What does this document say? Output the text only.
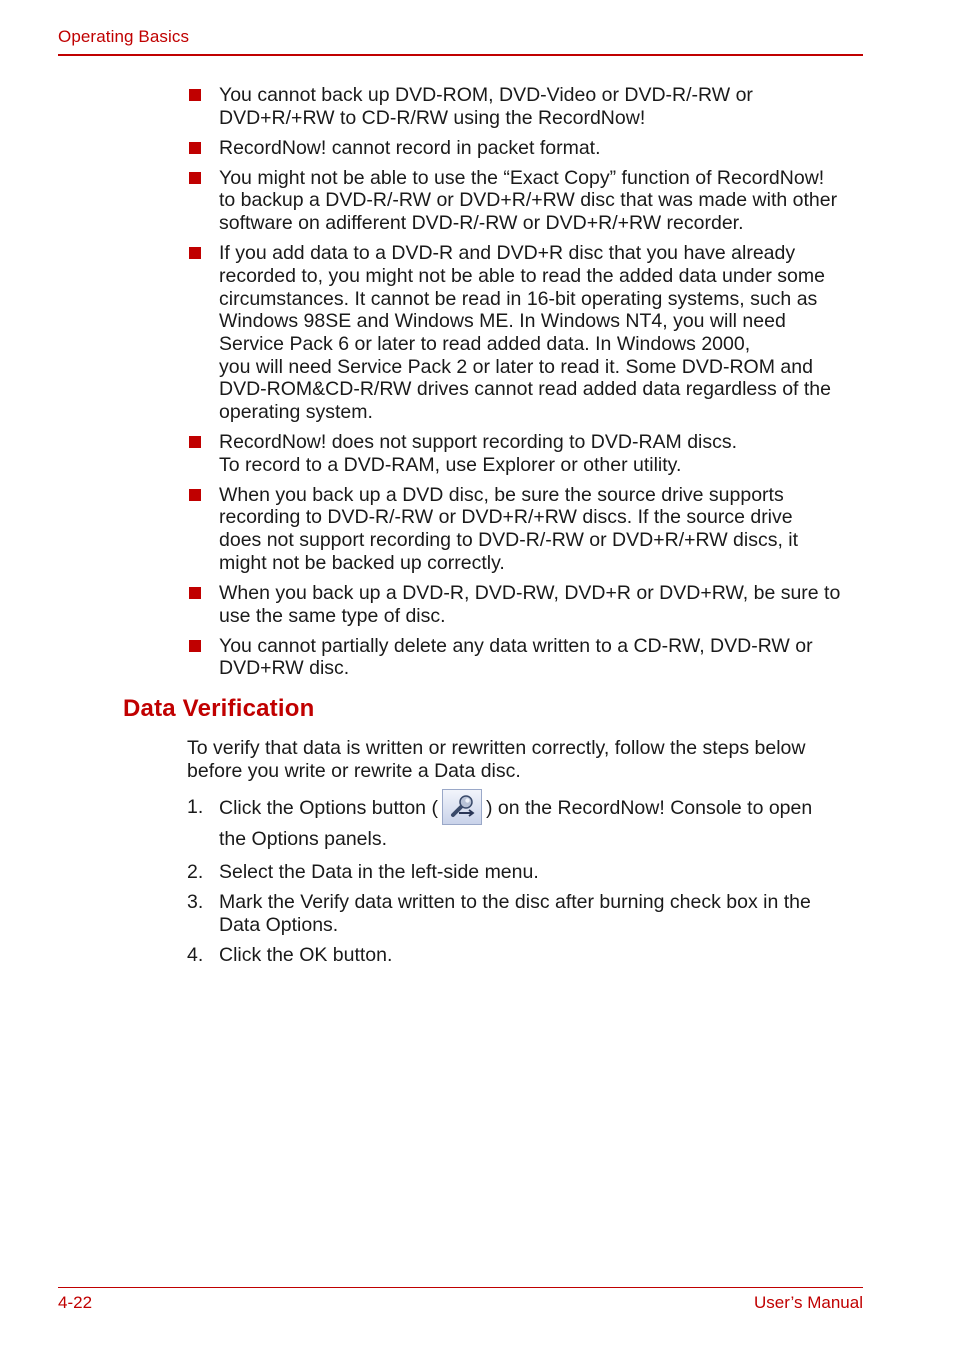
Operating Basics
You cannot back up DVD-ROM, DVD-Video or DVD-R/-RW or
DVD+R/+RW to CD-R/RW using the RecordNow!
RecordNow! cannot record in packet format.
You might not be able to use the “Exact Copy” function of RecordNow!
to backup a DVD-R/-RW or DVD+R/+RW disc that was made with other
software on adifferent DVD-R/-RW or DVD+R/+RW recorder.
If you add data to a DVD-R and DVD+R disc that you have already
recorded to, you might not be able to read the added data under some
circumstances. It cannot be read in 16-bit operating systems, such as
Windows 98SE and Windows ME. In Windows NT4, you will need
Service Pack 6 or later to read added data. In Windows 2000,
you will need Service Pack 2 or later to read it. Some DVD-ROM and
DVD-ROM&CD-R/RW drives cannot read added data regardless of the
operating system.
RecordNow! does not support recording to DVD-RAM discs.
To record to a DVD-RAM, use Explorer or other utility.
When you back up a DVD disc, be sure the source drive supports
recording to DVD-R/-RW or DVD+R/+RW discs. If the source drive
does not support recording to DVD-R/-RW or DVD+R/+RW discs, it
might not be backed up correctly.
When you back up a DVD-R, DVD-RW, DVD+R or DVD+RW, be sure to
use the same type of disc.
You cannot partially delete any data written to a CD-RW, DVD-RW or
DVD+RW disc.
Data Verification

To verify that data is written or rewritten correctly, follow the steps below
before you write or rewrite a Data disc.

1. Click the Options button ( ) on the RecordNow! Console to open
the Options panels.
2. Select the Data in the left-side menu.
3. Mark the Verify data written to the disc after burning check box in the
Data Options.
4. Click the OK button.
4-22	User’s Manual
